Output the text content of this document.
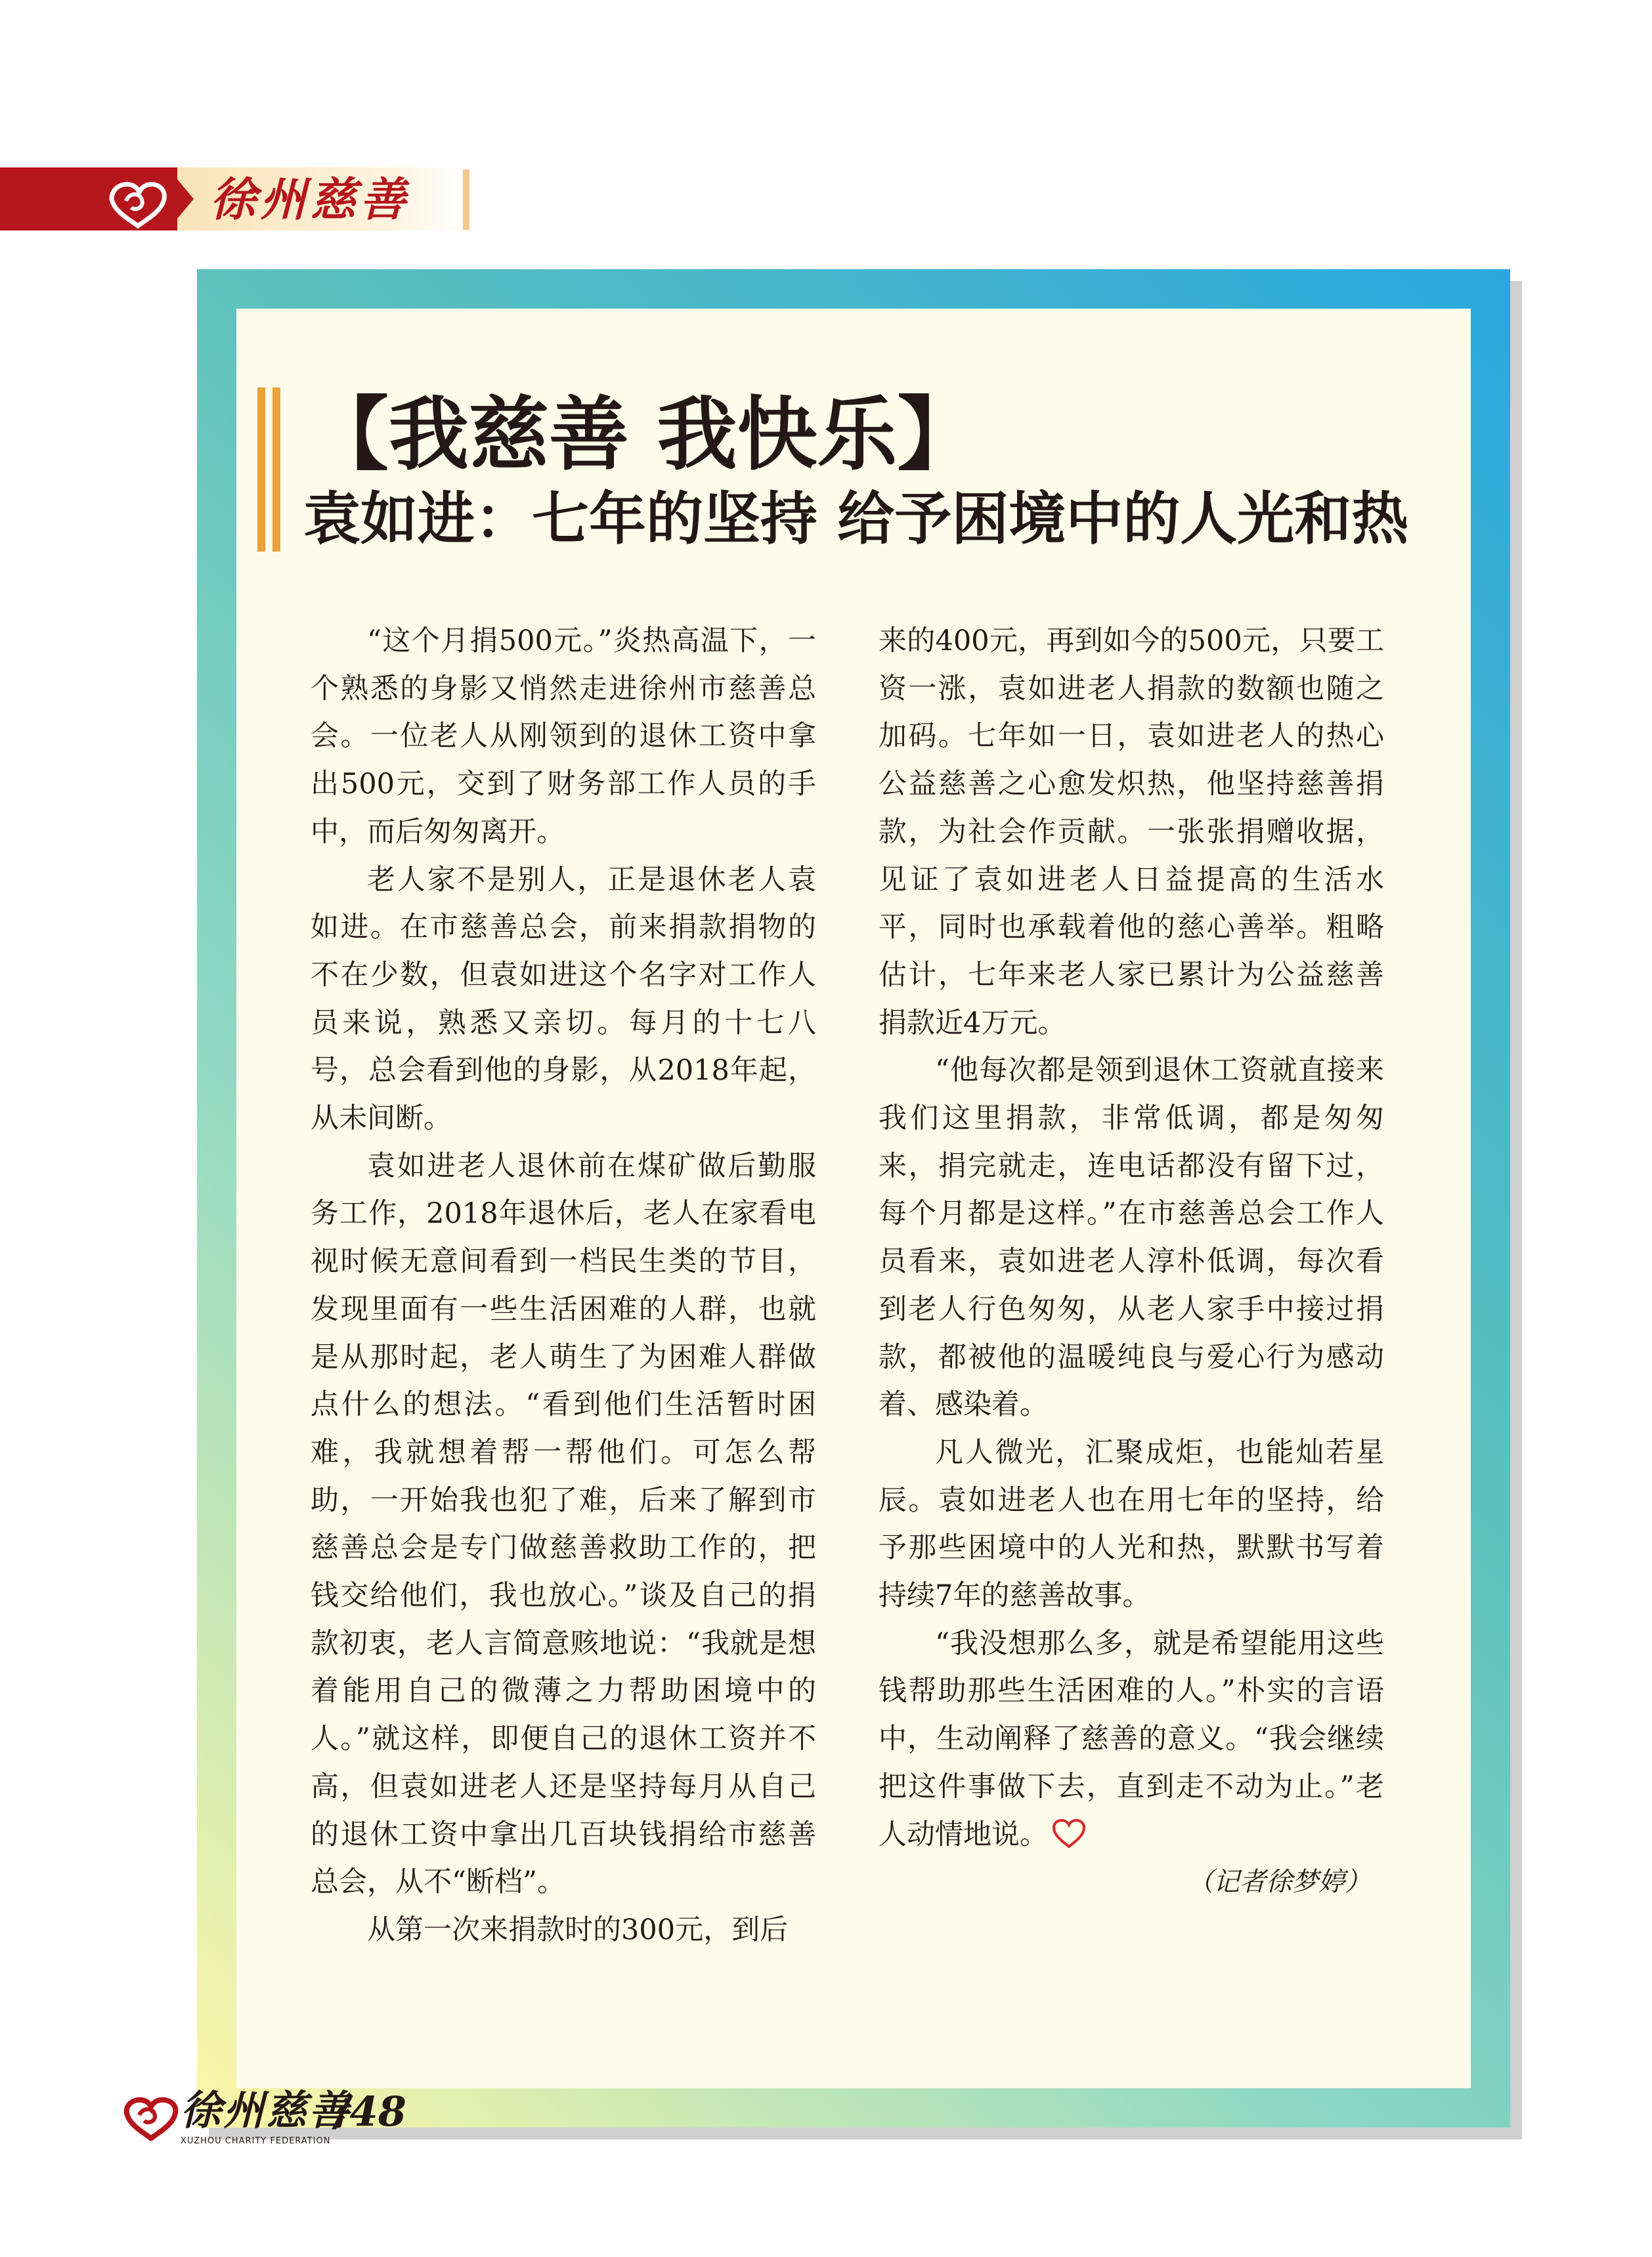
徐州慈善
【我慈善 我快乐】
袁如进：七年的坚持 给予困境中的人光和热

“这个月捐500元。”炎热高温下，一个熟悉的身影又悄然走进徐州市慈善总会。一位老人从刚领到的退休工资中拿出500元，交到了财务部工作人员的手中，而后匆匆离开。

老人家不是别人，正是退休老人袁如进。在市慈善总会，前来捐款捐物的不在少数，但袁如进这个名字对工作人员来说，熟悉又亲切。每月的十七八号，总会看到他的身影，从2018年起，从未间断。

袁如进老人退休前在煤矿做后勤服务工作，2018年退休后，老人在家看电视时候无意间看到一档民生类的节目，发现里面有一些生活困难的人群，也就是从那时起，老人萌生了为困难人群做点什么的想法。“看到他们生活暂时困难，我就想着帮一帮他们。可怎么帮助，一开始我也犯了难，后来了解到市慈善总会是专门做慈善救助工作的，把钱交给他们，我也放心。”谈及自己的捐款初衷，老人言简意赅地说：“我就是想着能用自己的微薄之力帮助困境中的人。”就这样，即便自己的退休工资并不高，但袁如进老人还是坚持每月从自己的退休工资中拿出几百块钱捐给市慈善总会，从不“断档”。

从第一次来捐款时的300元，到后

来的400元，再到如今的500元，只要工资一涨，袁如进老人捐款的数额也随之加码。七年如一日，袁如进老人的热心公益慈善之心愈发炽热，他坚持慈善捐款，为社会作贡献。一张张捐赠收据，见证了袁如进老人日益提高的生活水平，同时也承载着他的慈心善举。粗略估计，七年来老人家已累计为公益慈善捐款近4万元。

“他每次都是领到退休工资就直接来我们这里捐款，非常低调，都是匆匆来，捐完就走，连电话都没有留下过，每个月都是这样。”在市慈善总会工作人员看来，袁如进老人淳朴低调，每次看到老人行色匆匆，从老人家手中接过捐款，都被他的温暖纯良与爱心行为感动着、感染着。

凡人微光，汇聚成炬，也能灿若星辰。袁如进老人也在用七年的坚持，给予那些困境中的人光和热，默默书写着持续7年的慈善故事。

“我没想那么多，就是希望能用这些钱帮助那些生活困难的人。”朴实的言语中，生动阐释了慈善的意义。“我会继续把这件事做下去，直到走不动为止。”老人动情地说。

（记者徐梦婷）

徐州慈善
XUZHOU CHARITY FEDERATION
/48
